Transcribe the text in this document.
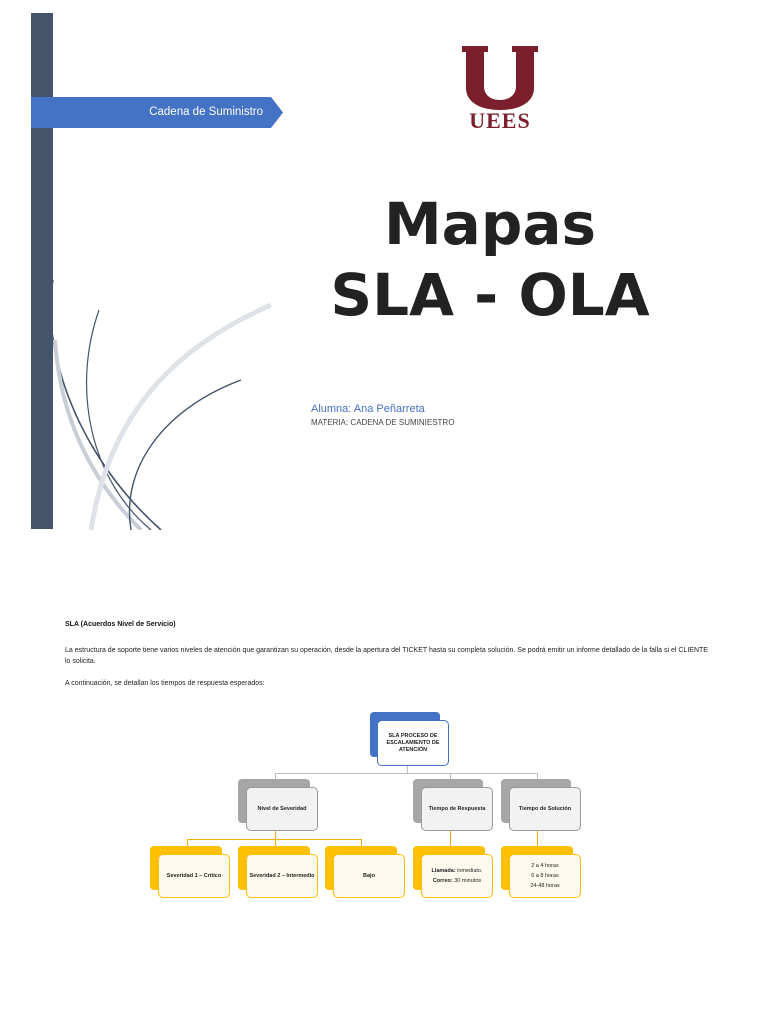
Cadena de Suministro	UEES
Mapas
SLA - OLA
Alumna: Ana Peñarreta
MATERIA: CADENA DE SUMINIESTRO
SLA (Acuerdos Nivel de Servicio)
La estructura de soporte tiene varios niveles de atención que garantizan su operación, desde la apertura del TICKET hasta su completa solución. Se podrá emitir un informe detallado de la falla si el CLIENTE lo solicita.
A continuación, se detallan los tiempos de respuesta esperados:
SLA PROCESO DE ESCALAMIENTO DE ATENCIÓN
Nivel de Severidad	Tiempo de Respuesta	Tiempo de Solución
Severidad 1 – Crítico	Severidad 2 – Intermedio	Bajo
Llamada: inmediato.
Correo: 30 minutos
2 a 4 horas
6 a 8 horas
24-48 horas
